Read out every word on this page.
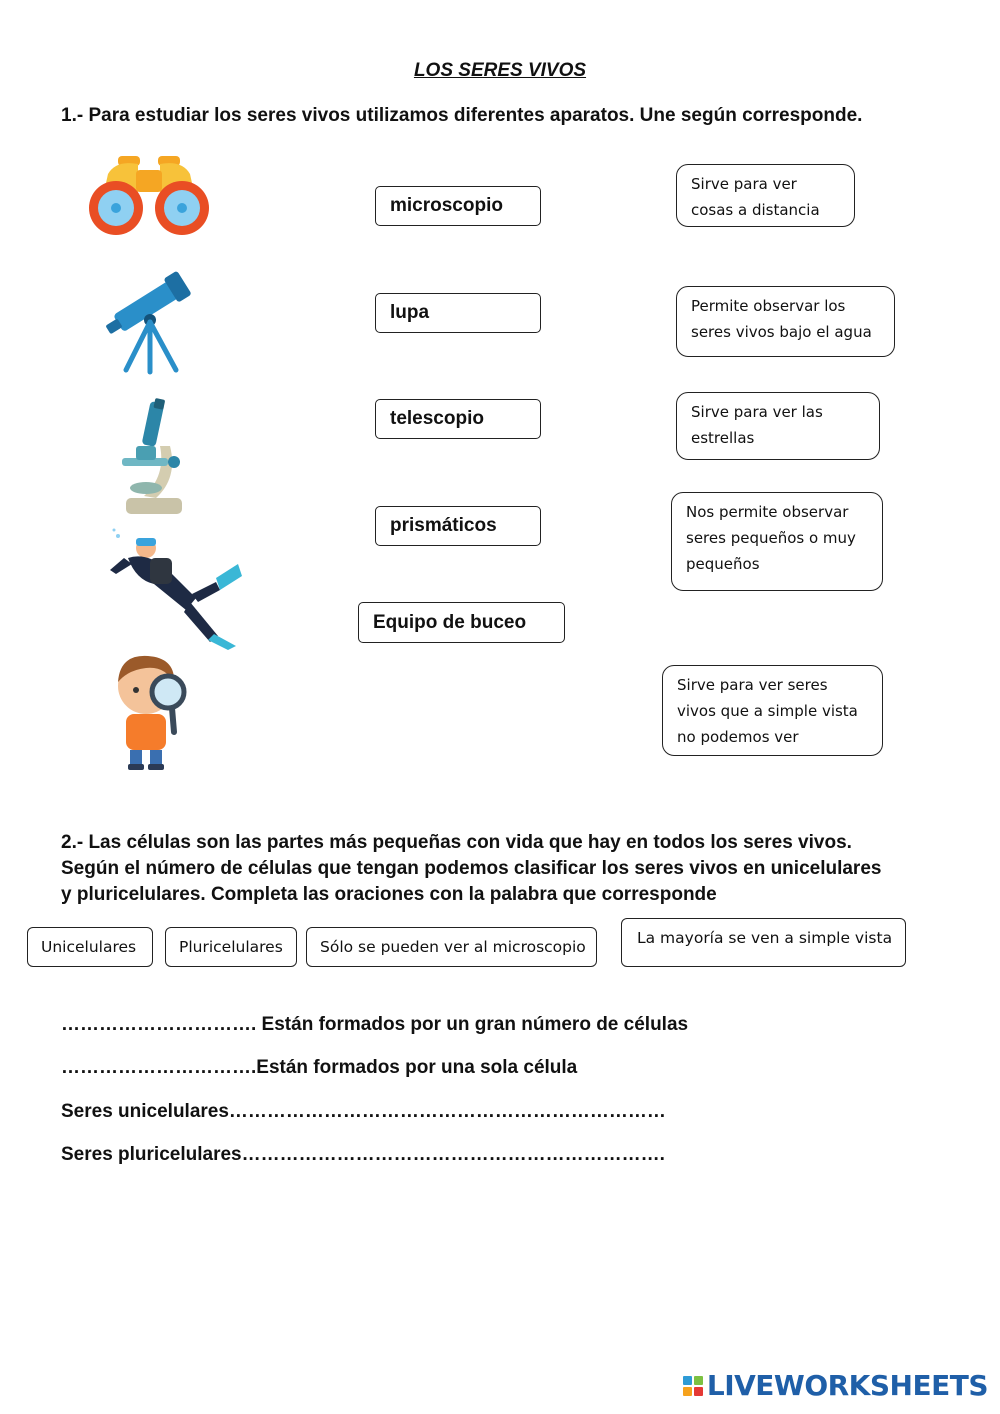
LOS SERES VIVOS
1.- Para estudiar los seres vivos utilizamos diferentes aparatos. Une según corresponde.
microscopio
lupa
telescopio
prismáticos
Equipo de buceo
Sirve para ver
cosas a distancia
Permite observar los
seres vivos bajo el agua
Sirve para ver las
estrellas
Nos permite observar
seres pequeños o muy
pequeños
Sirve para ver seres
vivos que a simple vista
no podemos ver
2.- Las células son las partes más pequeñas con vida que hay en todos los seres vivos.
Según el número de células que tengan podemos clasificar los seres vivos en unicelulares
y pluricelulares. Completa las oraciones con la palabra que corresponde
Unicelulares	Pluricelulares	Sólo se pueden ver al microscopio	La mayoría se ven a simple vista
…………………………. Están formados por un gran número de células
………………………….Están formados por una sola célula
Seres unicelulares……………………………………………………………
Seres pluricelulares………………………………………………………….
LIVEWORKSHEETS
